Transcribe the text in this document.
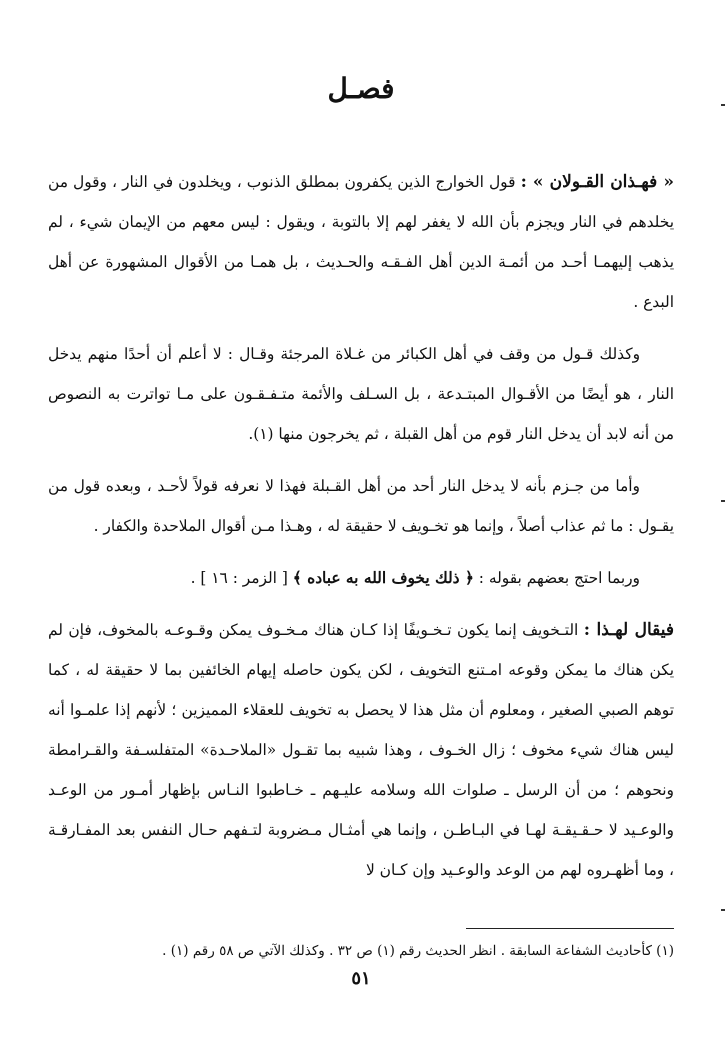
فصـل

« فهـذان القـولان » : قول الخوارج الذين يكفرون بمطلق الذنوب ، ويخلدون في النار ، وقول من يخلدهم في النار ويجزم بأن الله لا يغفر لهم إلا بالتوبة ، ويقول : ليس معهم من الإيمان شيء ، لم يذهب إليهمـا أحـد من أئمـة الدين أهل الفـقـه والحـديث ، بل همـا من الأقوال المشهورة عن أهل البدع .

وكذلك قـول من وقف في أهل الكبائر من غـلاة المرجئة وقـال : لا أعلم أن أحدًا منهم يدخل النار ، هو أيضًا من الأقـوال المبتـدعة ، بل السـلف والأئمة متـفـقـون على مـا تواترت به النصوص من أنه لابد أن يدخل النار قوم من أهل القبلة ، ثم يخرجون منها (١).

وأما من جـزم بأنه لا يدخل النار أحد من أهل القـبلة فهذا لا نعرفه قولاً لأحـد ، وبعده قول من يقـول : ما ثم عذاب أصلاً ، وإنما هو تخـويف لا حقيقة له ، وهـذا مـن أقوال الملاحدة والكفار .

وربما احتج بعضهم بقوله : ﴿ ذلك يخوف الله به عباده ﴾ [ الزمر : ١٦ ] .

فيقال لهـذا : التـخويف إنما يكون تـخـويفًا إذا كـان هناك مـخـوف يمكن وقـوعـه بالمخوف، فإن لم يكن هناك ما يمكن وقوعه امـتنع التخويف ، لكن يكون حاصله إيهام الخائفين بما لا حقيقة له ، كما توهم الصبي الصغير ، ومعلوم أن مثل هذا لا يحصل به تخويف للعقلاء المميزين ؛ لأنهم إذا علمـوا أنه ليس هناك شيء مخوف ؛ زال الخـوف ، وهذا شبيه بما تقـول «الملاحـدة» المتفلسـفة والقـرامطة ونحوهم ؛ من أن الرسل ـ صلوات الله وسلامه عليـهم ـ خـاطبوا النـاس بإظهار أمـور من الوعـد والوعـيد لا حـقـيقـة لهـا في البـاطـن ، وإنما هي أمثـال مـضروبة لتـفهم حـال النفس بعد المفـارقـة ، وما أظهـروه لهم من الوعد والوعـيد وإن كـان لا

(١) كأحاديث الشفاعة السابقة . انظر الحديث رقم (١) ص ٣٢ . وكذلك الآتي ص ٥٨ رقم (١) .
٥١
